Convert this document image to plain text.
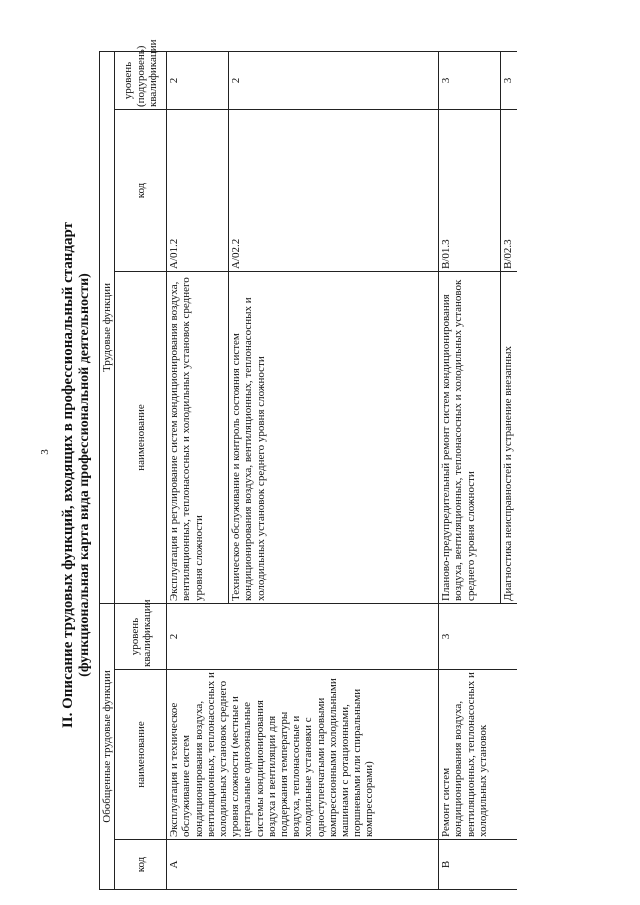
3 II. Описание трудовых функций, входящих в профессиональный стандарт (функциональная карта вида профессиональной деятельности)

Обобщенные трудовые функции			Трудовые функции		
код	наименование	уровень квалификации	наименование	код	уровень (подуровень) квалификации
A	Эксплуатация и техническое обслуживание систем кондиционирования воздуха, вентиляционных, теплонасосных и холодильных установок среднего уровня сложности (местные и центральные однозональные системы кондиционирования воздуха и вентиляции для поддержания температуры воздуха, теплонасосные и холодильные установки с одноступенчатыми паровыми компрессионными холодильными машинами с ротационными, поршневыми или спиральными компрессорами)	2	Эксплуатация и регулирование систем кондиционирования воздуха, вентиляционных, теплонасосных и холодильных установок среднего уровня сложности	A/01.2	2
			Техническое обслуживание и контроль состояния систем кондиционирования воздуха, вентиляционных, теплонасосных и холодильных установок среднего уровня сложности	A/02.2	2
B	Ремонт систем кондиционирования воздуха, вентиляционных, теплонасосных и холодильных установок	3	Планово-предупредительный ремонт систем кондиционирования воздуха, вентиляционных, теплонасосных и холодильных установок среднего уровня сложности	B/01.3	3
			Диагностика неисправностей и устранение внезапных	B/02.3	3
